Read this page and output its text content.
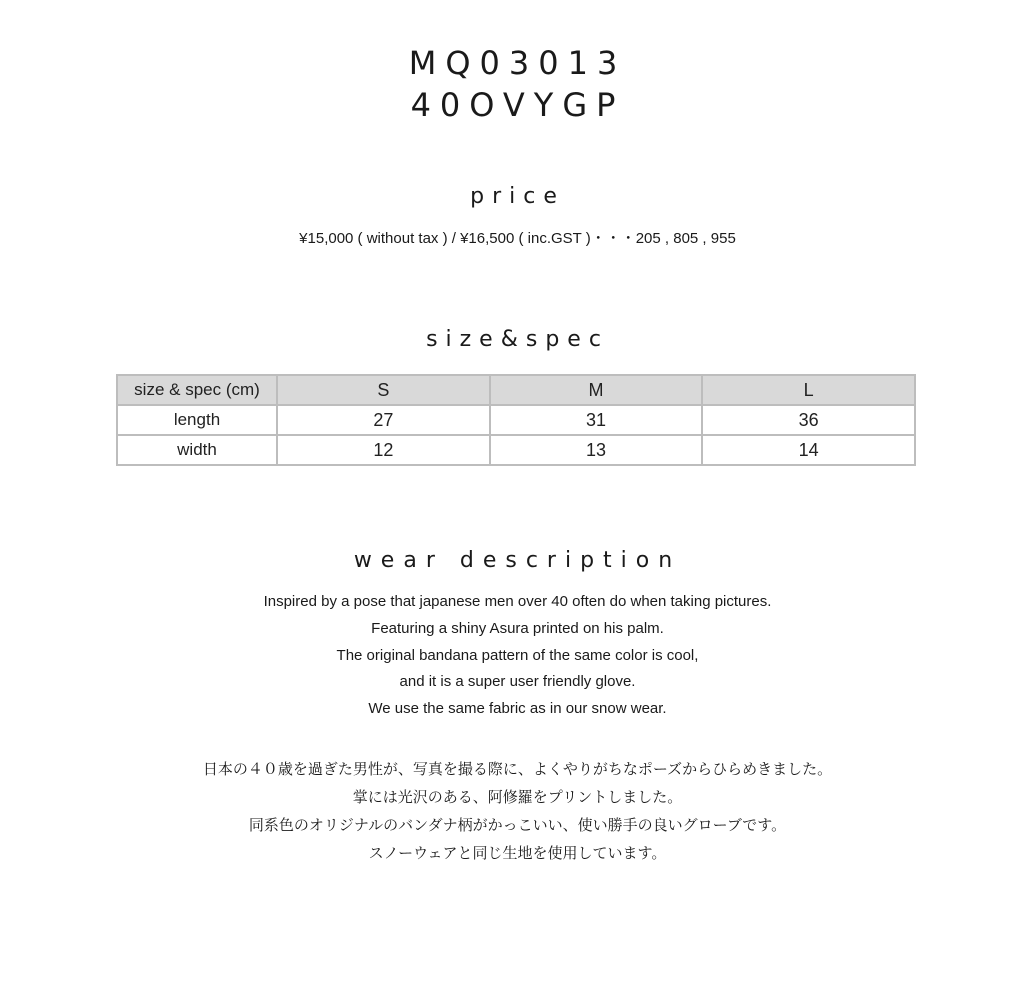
MQ03013
40OVYGP
price
¥15,000 ( without tax ) / ¥16,500 ( inc.GST )・・・205 , 805 , 955
size&spec
size & spec (cm)	S	M	L
length	27	31	36
width	12	13	14
wear description
Inspired by a pose that japanese men over 40 often do when taking pictures.
Featuring a shiny Asura printed on his palm.
The original bandana pattern of the same color is cool,
and it is a super user friendly glove.
We use the same fabric as in our snow wear.
日本の４０歳を過ぎた男性が、写真を撮る際に、よくやりがちなポーズからひらめきました。
掌には光沢のある、阿修羅をプリントしました。
同系色のオリジナルのバンダナ柄がかっこいい、使い勝手の良いグローブです。
スノーウェアと同じ生地を使用しています。
